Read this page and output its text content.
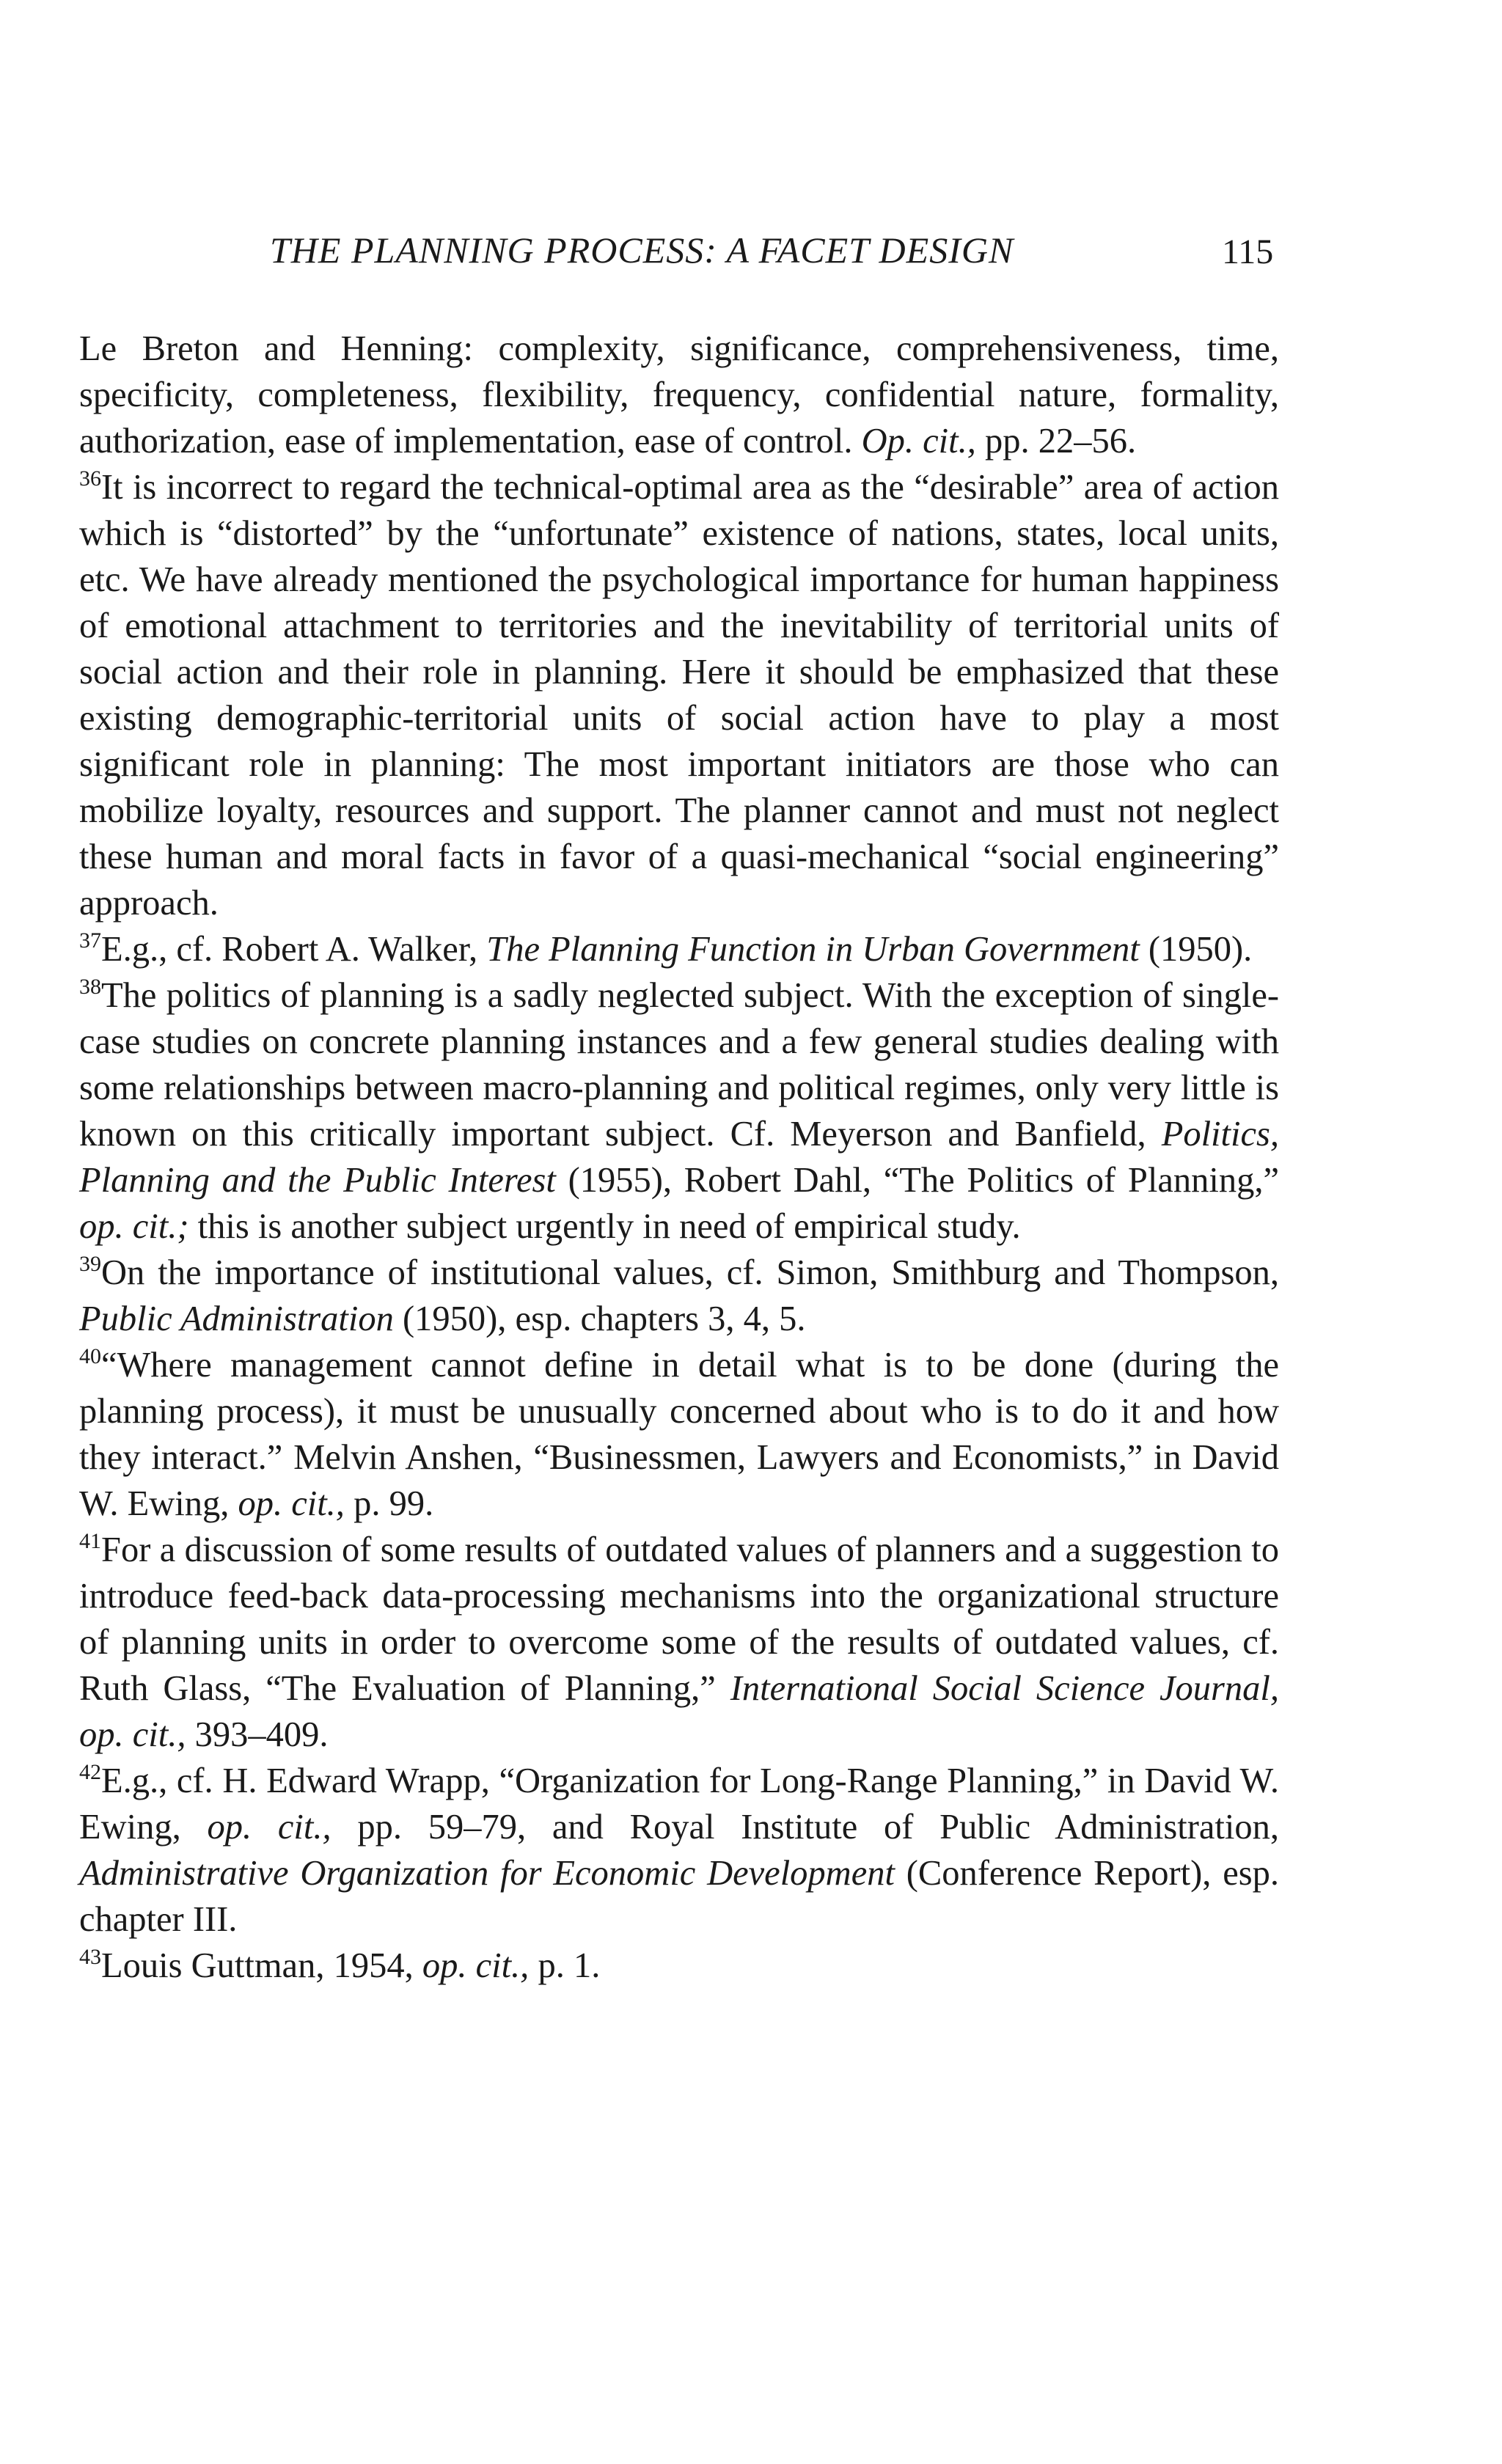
THE PLANNING PROCESS: A FACET DESIGN	115

Le Breton and Henning: complexity, significance, comprehensiveness, time, specificity, completeness, flexibility, frequency, confidential nature, formality, authorization, ease of implementation, ease of control. Op. cit., pp. 22–56.

$^{36}$It is incorrect to regard the technical-optimal area as the “desirable” area of action which is “distorted” by the “unfortunate” existence of nations, states, local units, etc. We have already mentioned the psychological importance for human happiness of emotional attachment to territories and the inevitability of territorial units of social action and their role in planning. Here it should be emphasized that these existing demographic-territorial units of social action have to play a most significant role in planning: The most important initiators are those who can mobilize loyalty, resources and support. The planner cannot and must not neglect these human and moral facts in favor of a quasi-mechanical “social engineering” approach.

$^{37}$E.g., cf. Robert A. Walker, The Planning Function in Urban Government (1950).

$^{38}$The politics of planning is a sadly neglected subject. With the exception of single-case studies on concrete planning instances and a few general studies dealing with some relationships between macro-planning and political regimes, only very little is known on this critically important subject. Cf. Meyerson and Banfield, Politics, Planning and the Public Interest (1955), Robert Dahl, “The Politics of Planning,” op. cit.; this is another subject urgently in need of empirical study.

$^{39}$On the importance of institutional values, cf. Simon, Smithburg and Thompson, Public Administration (1950), esp. chapters 3, 4, 5.

$^{40}$“Where management cannot define in detail what is to be done (during the planning process), it must be unusually concerned about who is to do it and how they interact.” Melvin Anshen, “Businessmen, Lawyers and Economists,” in David W. Ewing, op. cit., p. 99.

$^{41}$For a discussion of some results of outdated values of planners and a suggestion to introduce feed-back data-processing mechanisms into the organizational structure of planning units in order to overcome some of the results of outdated values, cf. Ruth Glass, “The Evaluation of Planning,” International Social Science Journal, op. cit., 393–409.

$^{42}$E.g., cf. H. Edward Wrapp, “Organization for Long-Range Planning,” in David W. Ewing, op. cit., pp. 59–79, and Royal Institute of Public Administration, Administrative Organization for Economic Development (Conference Report), esp. chapter III.

$^{43}$Louis Guttman, 1954, op. cit., p. 1.
